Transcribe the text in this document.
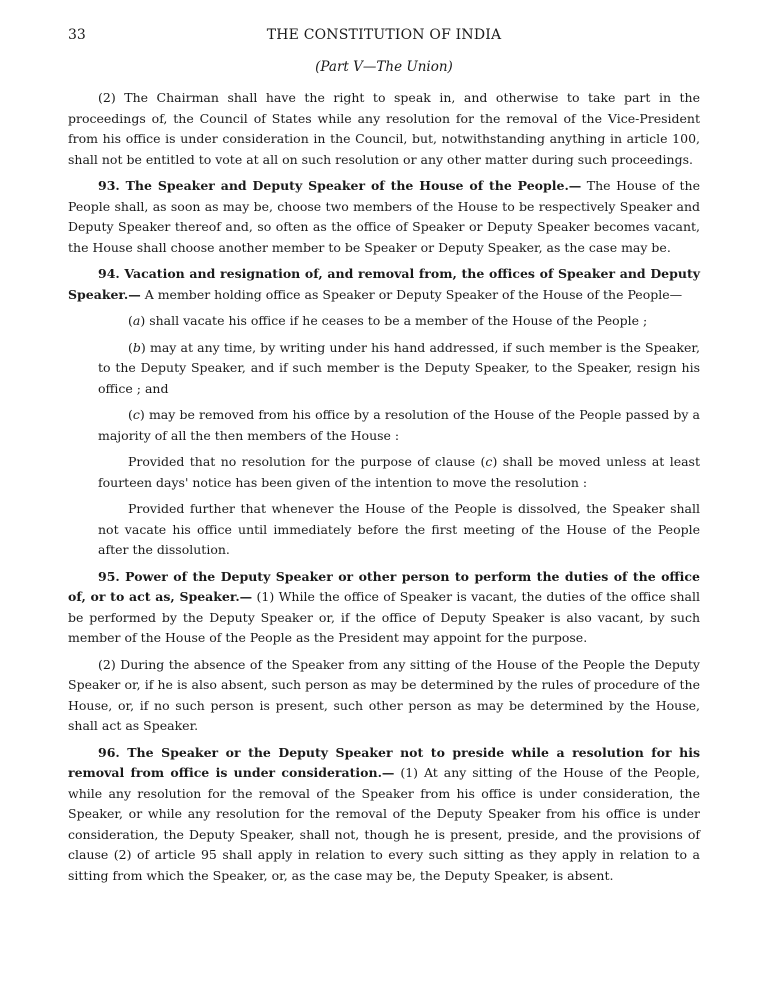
33	THE CONSTITUTION OF INDIA
(Part V—The Union)

(2) The Chairman shall have the right to speak in, and otherwise to take part in the proceedings of, the Council of States while any resolution for the removal of the Vice-President from his office is under consideration in the Council, but, notwithstanding anything in article 100, shall not be entitled to vote at all on such resolution or any other matter during such proceedings.

93. The Speaker and Deputy Speaker of the House of the People.— The House of the People shall, as soon as may be, choose two members of the House to be respectively Speaker and Deputy Speaker thereof and, so often as the office of Speaker or Deputy Speaker becomes vacant, the House shall choose another member to be Speaker or Deputy Speaker, as the case may be.

94. Vacation and resignation of, and removal from, the offices of Speaker and Deputy Speaker.— A member holding office as Speaker or Deputy Speaker of the House of the People—

(a) shall vacate his office if he ceases to be a member of the House of the People ;

(b) may at any time, by writing under his hand addressed, if such member is the Speaker, to the Deputy Speaker, and if such member is the Deputy Speaker, to the Speaker, resign his office ; and

(c) may be removed from his office by a resolution of the House of the People passed by a majority of all the then members of the House :

Provided that no resolution for the purpose of clause (c) shall be moved unless at least fourteen days' notice has been given of the intention to move the resolution :

Provided further that whenever the House of the People is dissolved, the Speaker shall not vacate his office until immediately before the first meeting of the House of the People after the dissolution.

95. Power of the Deputy Speaker or other person to perform the duties of the office of, or to act as, Speaker.— (1) While the office of Speaker is vacant, the duties of the office shall be performed by the Deputy Speaker or, if the office of Deputy Speaker is also vacant, by such member of the House of the People as the President may appoint for the purpose.

(2) During the absence of the Speaker from any sitting of the House of the People the Deputy Speaker or, if he is also absent, such person as may be determined by the rules of procedure of the House, or, if no such person is present, such other person as may be determined by the House, shall act as Speaker.

96. The Speaker or the Deputy Speaker not to preside while a resolution for his removal from office is under consideration.— (1) At any sitting of the House of the People, while any resolution for the removal of the Speaker from his office is under consideration, the Speaker, or while any resolution for the removal of the Deputy Speaker from his office is under consideration, the Deputy Speaker, shall not, though he is present, preside, and the provisions of clause (2) of article 95 shall apply in relation to every such sitting as they apply in relation to a sitting from which the Speaker, or, as the case may be, the Deputy Speaker, is absent.
